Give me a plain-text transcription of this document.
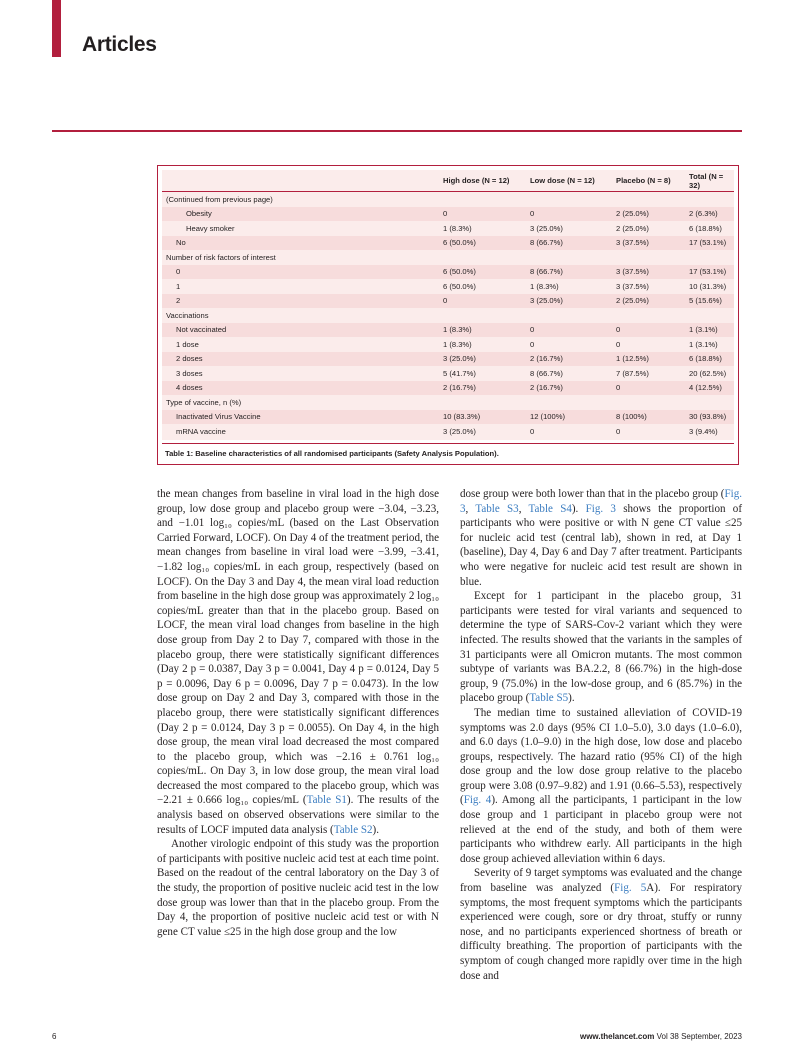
Articles
	High dose (N = 12)	Low dose (N = 12)	Placebo (N = 8)	Total (N = 32)
(Continued from previous page)				
Obesity	0	0	2 (25.0%)	2 (6.3%)
Heavy smoker	1 (8.3%)	3 (25.0%)	2 (25.0%)	6 (18.8%)
No	6 (50.0%)	8 (66.7%)	3 (37.5%)	17 (53.1%)
Number of risk factors of interest				
0	6 (50.0%)	8 (66.7%)	3 (37.5%)	17 (53.1%)
1	6 (50.0%)	1 (8.3%)	3 (37.5%)	10 (31.3%)
2	0	3 (25.0%)	2 (25.0%)	5 (15.6%)
Vaccinations				
Not vaccinated	1 (8.3%)	0	0	1 (3.1%)
1 dose	1 (8.3%)	0	0	1 (3.1%)
2 doses	3 (25.0%)	2 (16.7%)	1 (12.5%)	6 (18.8%)
3 doses	5 (41.7%)	8 (66.7%)	7 (87.5%)	20 (62.5%)
4 doses	2 (16.7%)	2 (16.7%)	0	4 (12.5%)
Type of vaccine, n (%)				
Inactivated Virus Vaccine	10 (83.3%)	12 (100%)	8 (100%)	30 (93.8%)
mRNA vaccine	3 (25.0%)	0	0	3 (9.4%)
Table 1: Baseline characteristics of all randomised participants (Safety Analysis Population).

the mean changes from baseline in viral load in the high dose group, low dose group and placebo group were −3.04, −3.23, and −1.01 log₁₀ copies/mL (based on the Last Observation Carried Forward, LOCF). On Day 4 of the treatment period, the mean changes from baseline in viral load were −3.99, −3.41, −1.82 log₁₀ copies/mL in each group, respectively (based on LOCF). On the Day 3 and Day 4, the mean viral load reduction from baseline in the high dose group was approximately 2 log₁₀ copies/mL greater than that in the placebo group. Based on LOCF, the mean viral load changes from baseline in the high dose group from Day 2 to Day 7, compared with those in the placebo group, there were statistically significant differences (Day 2 p = 0.0387, Day 3 p = 0.0041, Day 4 p = 0.0124, Day 5 p = 0.0096, Day 6 p = 0.0096, Day 7 p = 0.0473). In the low dose group on Day 2 and Day 3, compared with those in the placebo group, there were statistically significant differences (Day 2 p = 0.0124, Day 3 p = 0.0055). On Day 4, in the high dose group, the mean viral load decreased the most compared to the placebo group, which was −2.16 ± 0.761 log₁₀ copies/mL. On Day 3, in low dose group, the mean viral load decreased the most compared to the placebo group, which was −2.21 ± 0.666 log₁₀ copies/mL (Table S1). The results of the analysis based on observed observations were similar to the results of LOCF imputed data analysis (Table S2).

Another virologic endpoint of this study was the proportion of participants with positive nucleic acid test at each time point. Based on the readout of the central laboratory on the Day 3 of the study, the proportion of positive nucleic acid test in the low dose group was lower than that in the placebo group. From the Day 4, the proportion of positive nucleic acid test or with N gene CT value ≤25 in the high dose group and the low

dose group were both lower than that in the placebo group (Fig. 3, Table S3, Table S4). Fig. 3 shows the proportion of participants who were positive or with N gene CT value ≤25 for nucleic acid test (central lab), shown in red, at Day 1 (baseline), Day 4, Day 6 and Day 7 after treatment. Participants who were negative for nucleic acid test result are shown in blue.

Except for 1 participant in the placebo group, 31 participants were tested for viral variants and sequenced to determine the type of SARS-Cov-2 variant which they were infected. The results showed that the variants in the samples of 31 participants were all Omicron mutants. The most common subtype of variants was BA.2.2, 8 (66.7%) in the high-dose group, 9 (75.0%) in the low-dose group, and 6 (85.7%) in the placebo group (Table S5).

The median time to sustained alleviation of COVID-19 symptoms was 2.0 days (95% CI 1.0–5.0), 3.0 days (1.0–6.0), and 6.0 days (1.0–9.0) in the high dose, low dose and placebo groups, respectively. The hazard ratio (95% CI) of the high dose group and the low dose group relative to the placebo group were 3.08 (0.97–9.82) and 1.91 (0.66–5.53), respectively (Fig. 4). Among all the participants, 1 participant in the low dose group and 1 participant in placebo group were not relieved at the end of the study, and both of them were participants who withdrew early. All participants in the high dose group achieved alleviation within 6 days.

Severity of 9 target symptoms was evaluated and the change from baseline was analyzed (Fig. 5A). For respiratory symptoms, the most frequent symptoms which the participants experienced were cough, sore or dry throat, stuffy or runny nose, and no participants experienced shortness of breath or difficulty breathing. The proportion of participants with the symptom of cough changed more rapidly over time in the high dose and

6	www.thelancet.com Vol 38 September, 2023
